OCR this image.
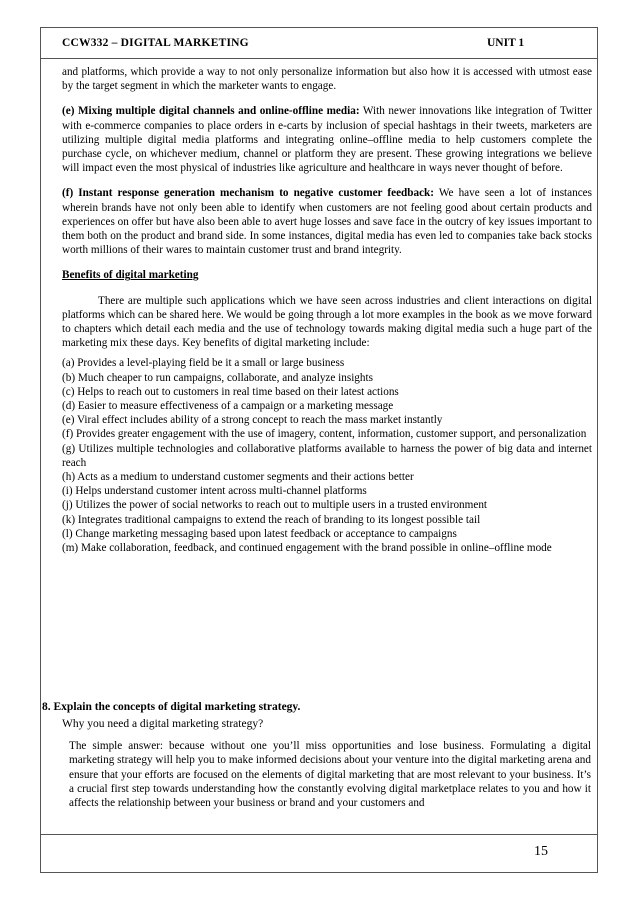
CCW332 – DIGITAL MARKETING	UNIT 1

and platforms, which provide a way to not only personalize information but also how it is accessed with utmost ease by the target segment in which the marketer wants to engage.

(e) Mixing multiple digital channels and online-offline media: With newer innovations like integration of Twitter with e-commerce companies to place orders in e-carts by inclusion of special hashtags in their tweets, marketers are utilizing multiple digital media platforms and integrating online–offline media to help customers complete the purchase cycle, on whichever medium, channel or platform they are present. These growing integrations we believe will impact even the most physical of industries like agriculture and healthcare in ways never thought of before.

(f) Instant response generation mechanism to negative customer feedback: We have seen a lot of instances wherein brands have not only been able to identify when customers are not feeling good about certain products and experiences on offer but have also been able to avert huge losses and save face in the outcry of key issues important to them both on the product and brand side. In some instances, digital media has even led to companies take back stocks worth millions of their wares to maintain customer trust and brand integrity.

Benefits of digital marketing

There are multiple such applications which we have seen across industries and client interactions on digital platforms which can be shared here. We would be going through a lot more examples in the book as we move forward to chapters which detail each media and the use of technology towards making digital media such a huge part of the marketing mix these days. Key benefits of digital marketing include:

(a) Provides a level-playing field be it a small or large business

(b) Much cheaper to run campaigns, collaborate, and analyze insights

(c) Helps to reach out to customers in real time based on their latest actions

(d) Easier to measure effectiveness of a campaign or a marketing message

(e) Viral effect includes ability of a strong concept to reach the mass market instantly

(f) Provides greater engagement with the use of imagery, content, information, customer support, and personalization

(g) Utilizes multiple technologies and collaborative platforms available to harness the power of big data and internet reach

(h) Acts as a medium to understand customer segments and their actions better

(i) Helps understand customer intent across multi-channel platforms

(j) Utilizes the power of social networks to reach out to multiple users in a trusted environment

(k) Integrates traditional campaigns to extend the reach of branding to its longest possible tail

(l) Change marketing messaging based upon latest feedback or acceptance to campaigns

(m) Make collaboration, feedback, and continued engagement with the brand possible in online–offline mode

8. Explain the concepts of digital marketing strategy.
Why you need a digital marketing strategy?

The simple answer: because without one you’ll miss opportunities and lose business. Formulating a digital marketing strategy will help you to make informed decisions about your venture into the digital marketing arena and ensure that your efforts are focused on the elements of digital marketing that are most relevant to your business. It’s a crucial first step towards understanding how the constantly evolving digital marketplace relates to you and how it affects the relationship between your business or brand and your customers and

15
